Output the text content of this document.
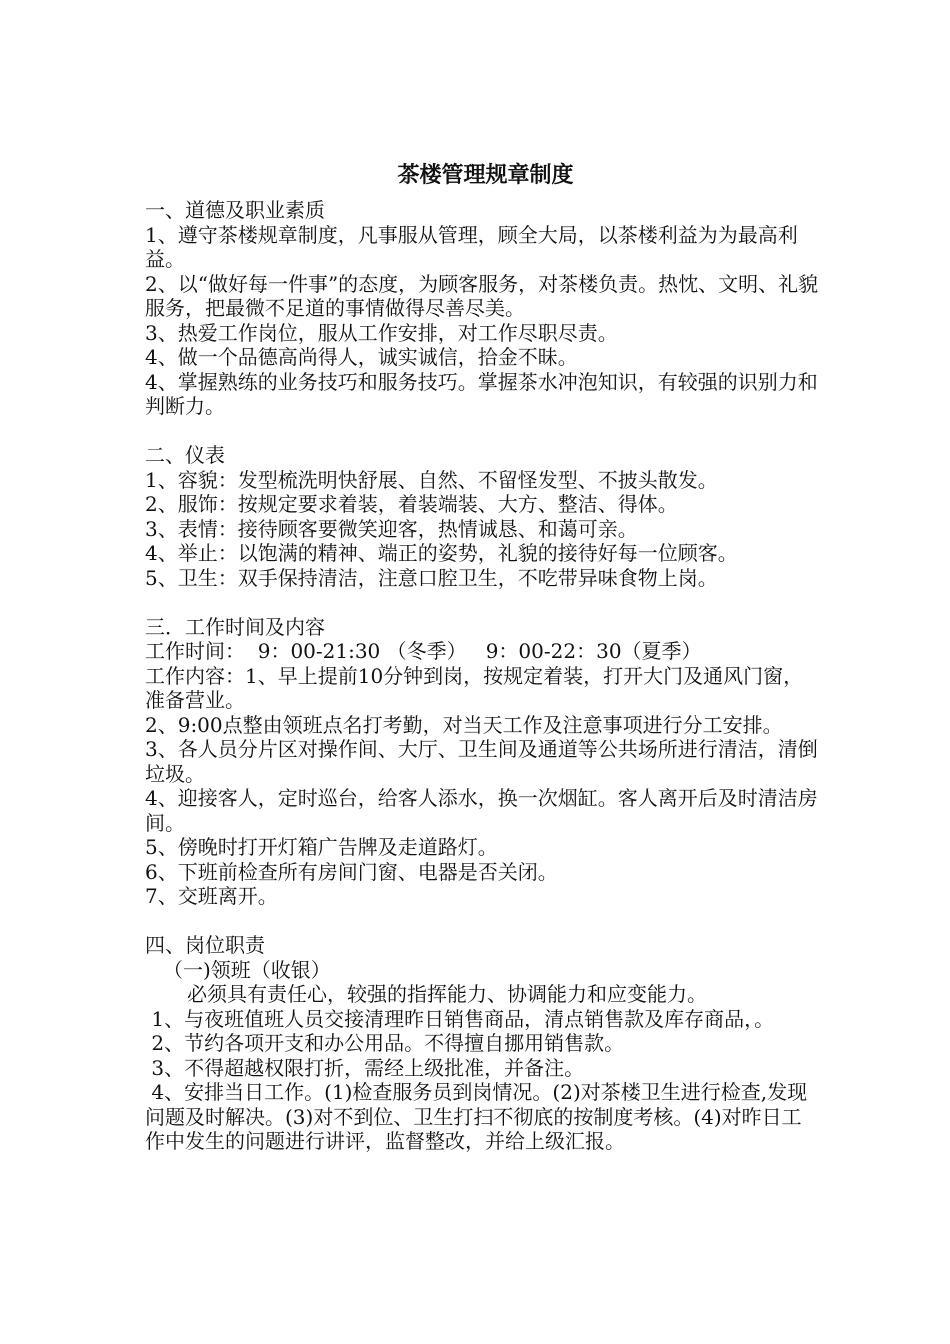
茶楼管理规章制度

一、道德及职业素质

1、遵守茶楼规章制度，凡事服从管理，顾全大局，以茶楼利益为为最高利益。

2、以“做好每一件事”的态度，为顾客服务，对茶楼负责。热忱、文明、礼貌服务，把最微不足道的事情做得尽善尽美。

3、热爱工作岗位，服从工作安排，对工作尽职尽责。

4、做一个品德高尚得人，诚实诚信，拾金不昧。

4、掌握熟练的业务技巧和服务技巧。掌握茶水冲泡知识，有较强的识别力和判断力。

二、仪表

1、容貌：发型梳洗明快舒展、自然、不留怪发型、不披头散发。

2、服饰：按规定要求着装，着装端装、大方、整洁、得体。

3、表情：接待顾客要微笑迎客，热情诚恳、和蔼可亲。

4、举止：以饱满的精神、端正的姿势，礼貌的接待好每一位顾客。

5、卫生：双手保持清洁，注意口腔卫生，不吃带异味食物上岗。

三．工作时间及内容

工作时间：  9：00-21:30 （冬季）   9：00-22：30（夏季）

工作内容：1、早上提前10分钟到岗，按规定着装，打开大门及通风门窗，准备营业。

2、9:00点整由领班点名打考勤，对当天工作及注意事项进行分工安排。

3、各人员分片区对操作间、大厅、卫生间及通道等公共场所进行清洁，清倒垃圾。

4、迎接客人，定时巡台，给客人添水，换一次烟缸。客人离开后及时清洁房间。

5、傍晚时打开灯箱广告牌及走道路灯。

6、下班前检查所有房间门窗、电器是否关闭。

7、交班离开。

四、岗位职责

（一)领班（收银）

必须具有责任心，较强的指挥能力、协调能力和应变能力。

1、与夜班值班人员交接清理昨日销售商品，清点销售款及库存商品，。

2、节约各项开支和办公用品。不得擅自挪用销售款。

3、不得超越权限打折，需经上级批准，并备注。

4、安排当日工作。(1)检查服务员到岗情况。(2)对茶楼卫生进行检查,发现问题及时解决。(3)对不到位、卫生打扫不彻底的按制度考核。(4)对昨日工作中发生的问题进行讲评，监督整改，并给上级汇报。
